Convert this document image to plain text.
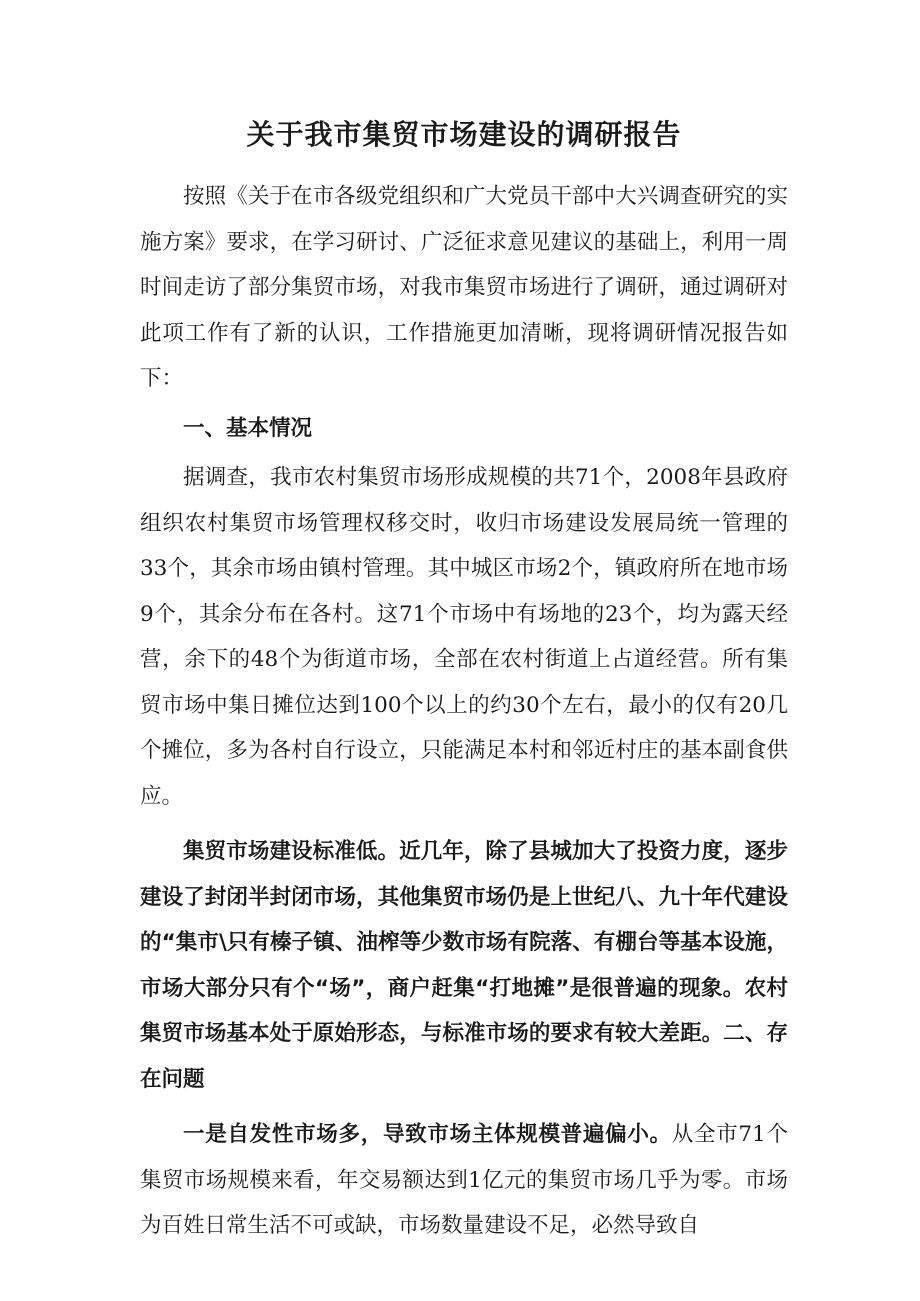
关于我市集贸市场建设的调研报告

按照《关于在市各级党组织和广大党员干部中大兴调查研究的实施方案》要求，在学习研讨、广泛征求意见建议的基础上，利用一周时间走访了部分集贸市场，对我市集贸市场进行了调研，通过调研对此项工作有了新的认识，工作措施更加清晰，现将调研情况报告如下：

一、基本情况

据调查，我市农村集贸市场形成规模的共71个，2008年县政府组织农村集贸市场管理权移交时，收归市场建设发展局统一管理的33个，其余市场由镇村管理。其中城区市场2个，镇政府所在地市场9个，其余分布在各村。这71个市场中有场地的23个，均为露天经营，余下的48个为街道市场，全部在农村街道上占道经营。所有集贸市场中集日摊位达到100个以上的约30个左右，最小的仅有20几个摊位，多为各村自行设立，只能满足本村和邻近村庄的基本副食供应。

集贸市场建设标准低。近几年，除了县城加大了投资力度，逐步建设了封闭半封闭市场，其他集贸市场仍是上世纪八、九十年代建设的“集市\只有榛子镇、油榨等少数市场有院落、有棚台等基本设施，市场大部分只有个“场”，商户赶集“打地摊”是很普遍的现象。农村集贸市场基本处于原始形态，与标准市场的要求有较大差距。二、存在问题

一是自发性市场多，导致市场主体规模普遍偏小。从全市71个集贸市场规模来看，年交易额达到1亿元的集贸市场几乎为零。市场为百姓日常生活不可或缺，市场数量建设不足，必然导致自
